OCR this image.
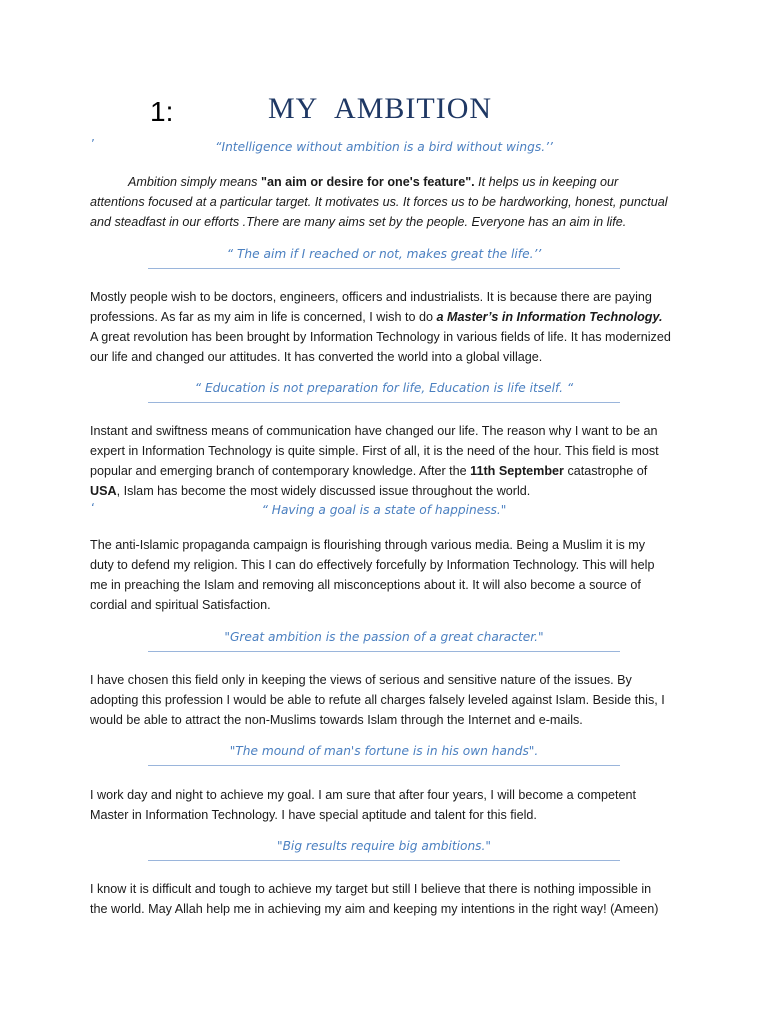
1:	MY AMBITION
’	“Intelligence without ambition is a bird without wings.’’

Ambition simply means "an aim or desire for one's feature". It helps us in keeping our attentions focused at a particular target. It motivates us. It forces us to be hardworking, honest, punctual and steadfast in our efforts .There are many aims set by the people. Everyone has an aim in life.

“ The aim if I reached or not, makes great the life.’’

Mostly people wish to be doctors, engineers, officers and industrialists. It is because there are paying professions. As far as my aim in life is concerned, I wish to do a Master’s in Information Technology. A great revolution has been brought by Information Technology in various fields of life. It has modernized our life and changed our attitudes. It has converted the world into a global village.

“ Education is not preparation for life, Education is life itself. “

Instant and swiftness means of communication have changed our life. The reason why I want to be an expert in Information Technology is quite simple. First of all, it is the need of the hour. This field is most popular and emerging branch of contemporary knowledge. After the 11th September catastrophe of USA, Islam has become the most widely discussed issue throughout the world.

‘	“ Having a goal is a state of happiness."

The anti-Islamic propaganda campaign is flourishing through various media. Being a Muslim it is my duty to defend my religion. This I can do effectively forcefully by Information Technology. This will help me in preaching the Islam and removing all misconceptions about it. It will also become a source of cordial and spiritual Satisfaction.

"Great ambition is the passion of a great character."

I have chosen this field only in keeping the views of serious and sensitive nature of the issues. By adopting this profession I would be able to refute all charges falsely leveled against Islam. Beside this, I would be able to attract the non-Muslims towards Islam through the Internet and e-mails.

"The mound of man's fortune is in his own hands".

I work day and night to achieve my goal. I am sure that after four years, I will become a competent Master in Information Technology. I have special aptitude and talent for this field.

"Big results require big ambitions."

I know it is difficult and tough to achieve my target but still I believe that there is nothing impossible in the world. May Allah help me in achieving my aim and keeping my intentions in the right way! (Ameen)
